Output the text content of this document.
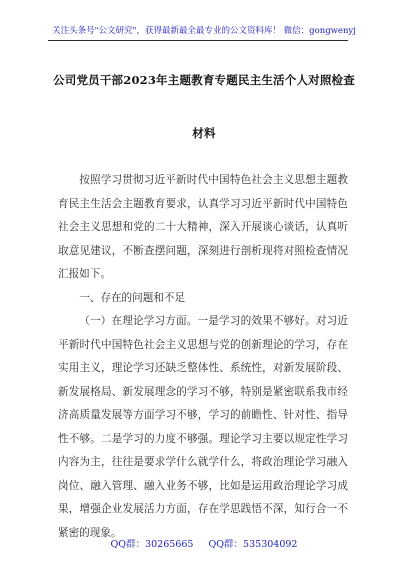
关注头条号"公文研究"，获得最新最全最专业的公文资料库！ 微信：gongwenyj
公司党员干部2023年主题教育专题民主生活个人对照检查
材料

按照学习贯彻习近平新时代中国特色社会主义思想主题教育民主生活会主题教育要求，认真学习习近平新时代中国特色社会主义思想和党的二十大精神，深入开展谈心谈话，认真听取意见建议，不断查摆问题，深刻进行剖析现将对照检查情况汇报如下。

一、存在的问题和不足

（一）在理论学习方面。一是学习的效果不够好。对习近平新时代中国特色社会主义思想与党的创新理论的学习，存在实用主义，理论学习还缺乏整体性、系统性，对新发展阶段、新发展格局、新发展理念的学习不够，特别是紧密联系我市经济高质量发展等方面学习不够，学习的前瞻性、针对性、指导性不够。二是学习的力度不够强。理论学习主要以规定性学习内容为主，往往是要求学什么就学什么，将政治理论学习融入岗位、融入管理、融入业务不够，比如是运用政治理论学习成果，增强企业发展活力方面，存在学思践悟不深，知行合一不紧密的现象。

QQ群：30265665 QQ群：535304092
